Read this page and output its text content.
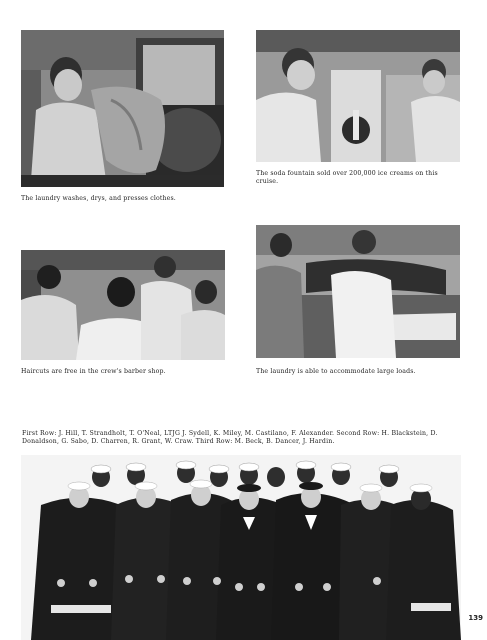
The laundry washes, drys, and presses clothes.
The soda fountain sold over 200,000 ice creams on this cruise.
Haircuts are free in the crew's barber shop.	The laundry is able to accommodate large loads.
First Row: J. Hill, T. Strandholt, T. O'Neal, LTJG J. Sydell, K. Miley, M. Castilano, F. Alexander. Second Row: H. Blackstein, D. Donaldson, G. Sabo, D. Charren, R. Grant, W. Craw. Third Row: M. Beck, B. Dancer, J. Hardin.
139
